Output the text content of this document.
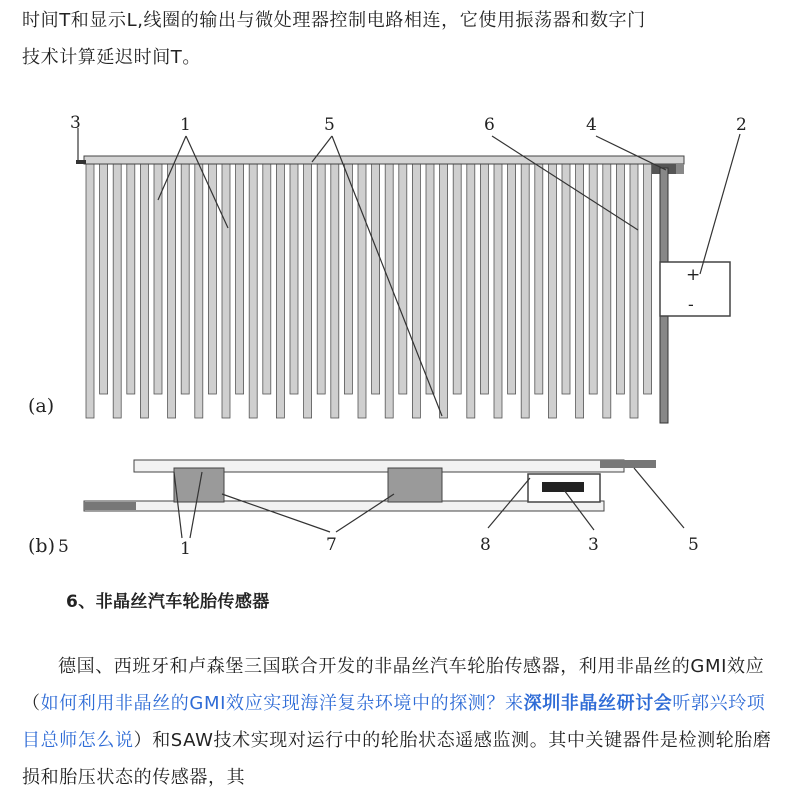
时间T和显示L,线圈的输出与微处理器控制电路相连，它使用振荡器和数字门
技术计算延迟时间T。
+
-
3	1	5	6	4	2
(a)
(b) 5	1	7	8	3	5
6、非晶丝汽车轮胎传感器

德国、西班牙和卢森堡三国联合开发的非晶丝汽车轮胎传感器，利用非晶丝的GMI效应（如何利用非晶丝的GMI效应实现海洋复杂环境中的探测？来深圳非晶丝研讨会听郭兴玲项目总师怎么说）和SAW技术实现对运行中的轮胎状态遥感监测。其中关键器件是检测轮胎磨损和胎压状态的传感器，其
